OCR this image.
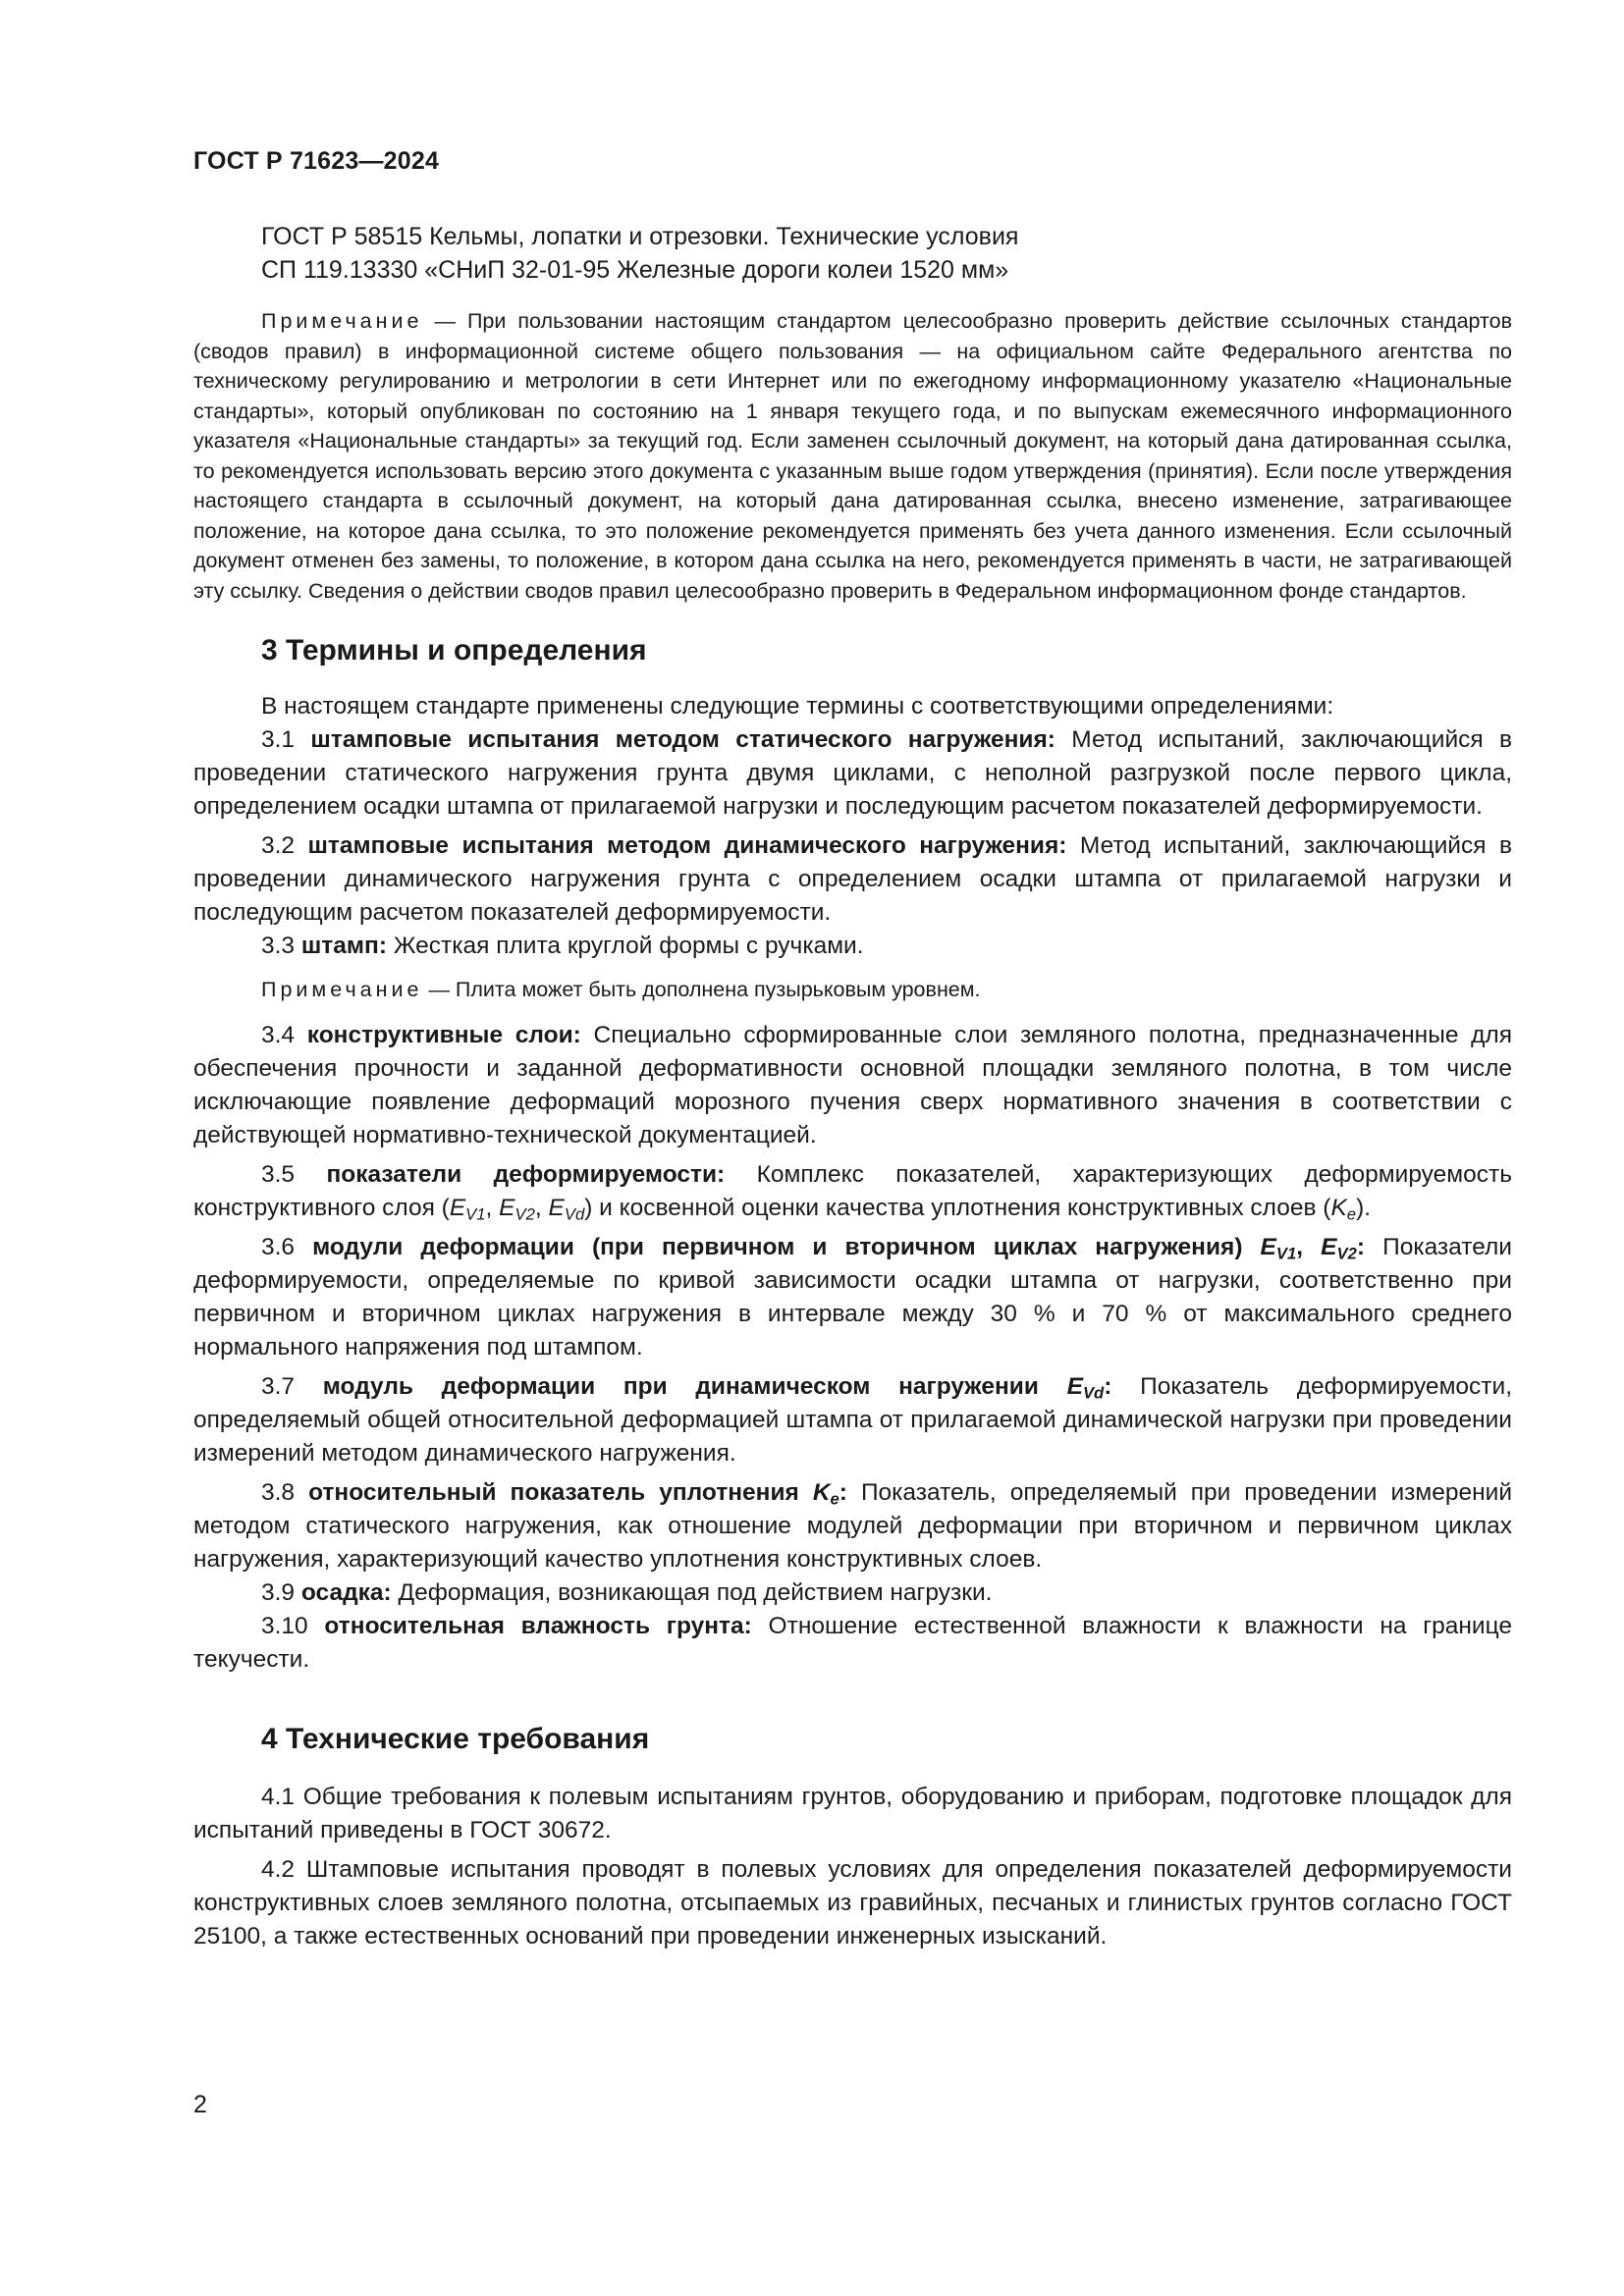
ГОСТ Р 71623—2024
ГОСТ Р 58515 Кельмы, лопатки и отрезовки. Технические условия
СП 119.13330 «СНиП 32-01-95 Железные дороги колеи 1520 мм»

Примечание — При пользовании настоящим стандартом целесообразно проверить действие ссылочных стандартов (сводов правил) в информационной системе общего пользования — на официальном сайте Федерального агентства по техническому регулированию и метрологии в сети Интернет или по ежегодному информационному указателю «Национальные стандарты», который опубликован по состоянию на 1 января текущего года, и по выпускам ежемесячного информационного указателя «Национальные стандарты» за текущий год. Если заменен ссылочный документ, на который дана датированная ссылка, то рекомендуется использовать версию этого документа с указанным выше годом утверждения (принятия). Если после утверждения настоящего стандарта в ссылочный документ, на который дана датированная ссылка, внесено изменение, затрагивающее положение, на которое дана ссылка, то это положение рекомендуется применять без учета данного изменения. Если ссылочный документ отменен без замены, то положение, в котором дана ссылка на него, рекомендуется применять в части, не затрагивающей эту ссылку. Сведения о действии сводов правил целесообразно проверить в Федеральном информационном фонде стандартов.

3 Термины и определения

В настоящем стандарте применены следующие термины с соответствующими определениями:

3.1 штамповые испытания методом статического нагружения: Метод испытаний, заключающийся в проведении статического нагружения грунта двумя циклами, с неполной разгрузкой после первого цикла, определением осадки штампа от прилагаемой нагрузки и последующим расчетом показателей деформируемости.

3.2 штамповые испытания методом динамического нагружения: Метод испытаний, заключающийся в проведении динамического нагружения грунта с определением осадки штампа от прилагаемой нагрузки и последующим расчетом показателей деформируемости.

3.3 штамп: Жесткая плита круглой формы с ручками.

Примечание — Плита может быть дополнена пузырьковым уровнем.

3.4 конструктивные слои: Специально сформированные слои земляного полотна, предназначенные для обеспечения прочности и заданной деформативности основной площадки земляного полотна, в том числе исключающие появление деформаций морозного пучения сверх нормативного значения в соответствии с действующей нормативно-технической документацией.

3.5 показатели деформируемости: Комплекс показателей, характеризующих деформируемость конструктивного слоя ($E_{V1}$, $E_{V2}$, $E_{Vd}$) и косвенной оценки качества уплотнения конструктивных слоев $(K_e)$.

3.6 модули деформации (при первичном и вторичном циклах нагружения) $E_{V1}$, $E_{V2}$: Показатели деформируемости, определяемые по кривой зависимости осадки штампа от нагрузки, соответственно при первичном и вторичном циклах нагружения в интервале между 30 % и 70 % от максимального среднего нормального напряжения под штампом.

3.7 модуль деформации при динамическом нагружении $E_{Vd}$: Показатель деформируемости, определяемый общей относительной деформацией штампа от прилагаемой динамической нагрузки при проведении измерений методом динамического нагружения.

3.8 относительный показатель уплотнения $K_e$: Показатель, определяемый при проведении измерений методом статического нагружения, как отношение модулей деформации при вторичном и первичном циклах нагружения, характеризующий качество уплотнения конструктивных слоев.

3.9 осадка: Деформация, возникающая под действием нагрузки.

3.10 относительная влажность грунта: Отношение естественной влажности к влажности на границе текучести.

4 Технические требования

4.1 Общие требования к полевым испытаниям грунтов, оборудованию и приборам, подготовке площадок для испытаний приведены в ГОСТ 30672.

4.2 Штамповые испытания проводят в полевых условиях для определения показателей деформируемости конструктивных слоев земляного полотна, отсыпаемых из гравийных, песчаных и глинистых грунтов согласно ГОСТ 25100, а также естественных оснований при проведении инженерных изысканий.

2
